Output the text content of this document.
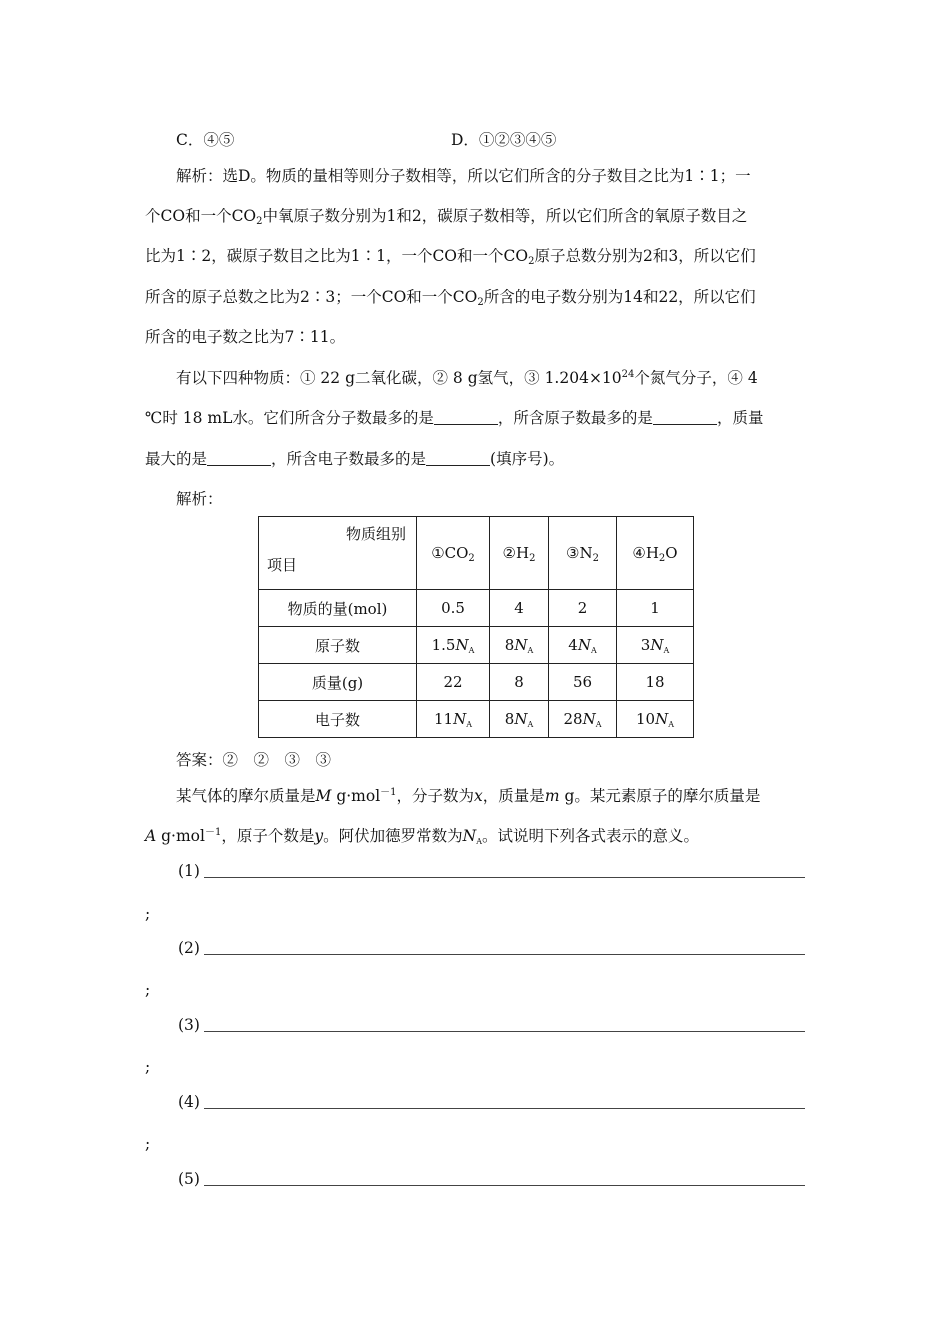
C．④⑤	D．①②③④⑤
解析：选D。物质的量相等则分子数相等，所以它们所含的分子数目之比为1∶1；一
个CO和一个$CO_2$中氧原子数分别为1和2，碳原子数相等，所以它们所含的氧原子数目之
比为1∶2，碳原子数目之比为1∶1，一个CO和一个$CO_2$原子总数分别为2和3，所以它们
所含的原子总数之比为2∶3；一个CO和一个$CO_2$所含的电子数分别为14和22，所以它们
所含的电子数之比为7∶11。
有以下四种物质：① 22 g二氧化碳，② 8 g氢气，③ $1.204\times 10^{24}$个氮气分子，④ 4
℃时 18 mL水。它们所含分子数最多的是	，所含原子数最多的是	，质量
最大的是	，所含电子数最多的是	(填序号)。
解析：
物质组别
项目	$①CO_2$	$②H_2$	$③N_2$	$④H_2O$
物质的量(mol)	0.5	4	2	1
原子数	$1.5N_A$	$8N_A$	$4N_A$	$3N_A$
质量(g)	22	8	56	18
电子数	$11N_A$	$8N_A$	$28N_A$	$10N_A$
答案：②　②　③　③
某气体的摩尔质量是M g·mol$^{-1}$，分子数为x，质量是m g。某元素原子的摩尔质量是
A g·mol$^{-1}$，原子个数是y。阿伏加德罗常数为$N_A$。试说明下列各式表示的意义。
(1)
;
(2)
;
(3)
;
(4)
;
(5)
